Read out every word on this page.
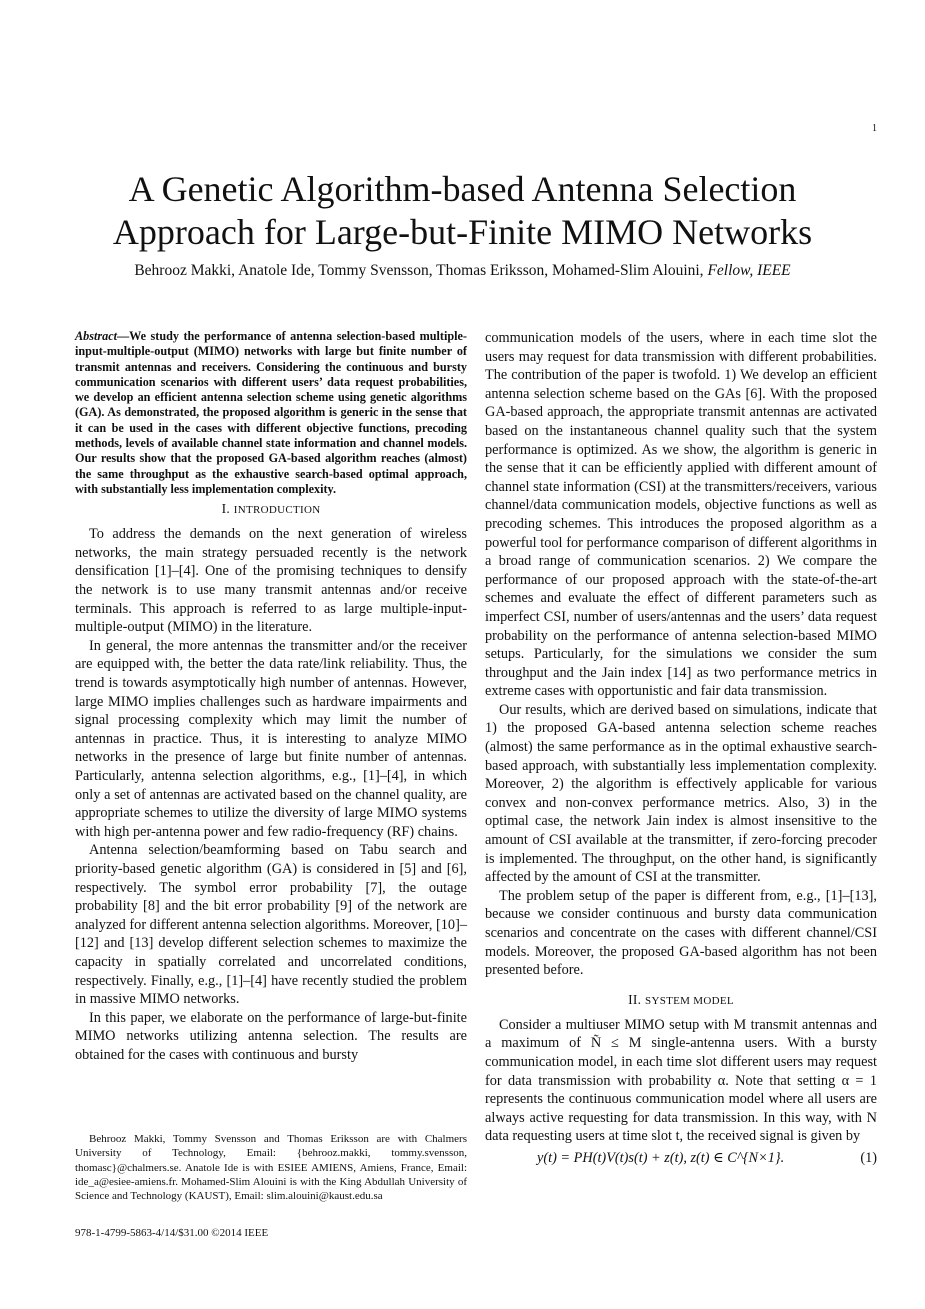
1
A Genetic Algorithm-based Antenna Selection Approach for Large-but-Finite MIMO Networks
Behrooz Makki, Anatole Ide, Tommy Svensson, Thomas Eriksson, Mohamed-Slim Alouini, Fellow, IEEE

Abstract—We study the performance of antenna selection-based multiple-input-multiple-output (MIMO) networks with large but finite number of transmit antennas and receivers. Considering the continuous and bursty communication scenarios with different users’ data request probabilities, we develop an efficient antenna selection scheme using genetic algorithms (GA). As demonstrated, the proposed algorithm is generic in the sense that it can be used in the cases with different objective functions, precoding methods, levels of available channel state information and channel models. Our results show that the proposed GA-based algorithm reaches (almost) the same throughput as the exhaustive search-based optimal approach, with substantially less implementation complexity.

I. INTRODUCTION

To address the demands on the next generation of wireless networks, the main strategy persuaded recently is the network densification [1]–[4]. One of the promising techniques to densify the network is to use many transmit antennas and/or receive terminals. This approach is referred to as large multiple-input-multiple-output (MIMO) in the literature.

In general, the more antennas the transmitter and/or the receiver are equipped with, the better the data rate/link reliability. Thus, the trend is towards asymptotically high number of antennas. However, large MIMO implies challenges such as hardware impairments and signal processing complexity which may limit the number of antennas in practice. Thus, it is interesting to analyze MIMO networks in the presence of large but finite number of antennas. Particularly, antenna selection algorithms, e.g., [1]–[4], in which only a set of antennas are activated based on the channel quality, are appropriate schemes to utilize the diversity of large MIMO systems with high per-antenna power and few radio-frequency (RF) chains.

Antenna selection/beamforming based on Tabu search and priority-based genetic algorithm (GA) is considered in [5] and [6], respectively. The symbol error probability [7], the outage probability [8] and the bit error probability [9] of the network are analyzed for different antenna selection algorithms. Moreover, [10]–[12] and [13] develop different selection schemes to maximize the capacity in spatially correlated and uncorrelated conditions, respectively. Finally, e.g., [1]–[4] have recently studied the problem in massive MIMO networks.

In this paper, we elaborate on the performance of large-but-finite MIMO networks utilizing antenna selection. The results are obtained for the cases with continuous and bursty

Behrooz Makki, Tommy Svensson and Thomas Eriksson are with Chalmers University of Technology, Email: {behrooz.makki, tommy.svensson, thomasc}@chalmers.se. Anatole Ide is with ESIEE AMIENS, Amiens, France, Email: ide_a@esiee-amiens.fr. Mohamed-Slim Alouini is with the King Abdullah University of Science and Technology (KAUST), Email: slim.alouini@kaust.edu.sa
978-1-4799-5863-4/14/$31.00 ©2014 IEEE

communication models of the users, where in each time slot the users may request for data transmission with different probabilities. The contribution of the paper is twofold. 1) We develop an efficient antenna selection scheme based on the GAs [6]. With the proposed GA-based approach, the appropriate transmit antennas are activated based on the instantaneous channel quality such that the system performance is optimized. As we show, the algorithm is generic in the sense that it can be efficiently applied with different amount of channel state information (CSI) at the transmitters/receivers, various channel/data communication models, objective functions as well as precoding schemes. This introduces the proposed algorithm as a powerful tool for performance comparison of different algorithms in a broad range of communication scenarios. 2) We compare the performance of our proposed approach with the state-of-the-art schemes and evaluate the effect of different parameters such as imperfect CSI, number of users/antennas and the users’ data request probability on the performance of antenna selection-based MIMO setups. Particularly, for the simulations we consider the sum throughput and the Jain index [14] as two performance metrics in extreme cases with opportunistic and fair data transmission.

Our results, which are derived based on simulations, indicate that 1) the proposed GA-based antenna selection scheme reaches (almost) the same performance as in the optimal exhaustive search-based approach, with substantially less implementation complexity. Moreover, 2) the algorithm is effectively applicable for various convex and non-convex performance metrics. Also, 3) in the optimal case, the network Jain index is almost insensitive to the amount of CSI available at the transmitter, if zero-forcing precoder is implemented. The throughput, on the other hand, is significantly affected by the amount of CSI at the transmitter.

The problem setup of the paper is different from, e.g., [1]–[13], because we consider continuous and bursty data communication scenarios and concentrate on the cases with different channel/CSI models. Moreover, the proposed GA-based algorithm has not been presented before.

II. SYSTEM MODEL

Consider a multiuser MIMO setup with M transmit antennas and a maximum of Ñ ≤ M single-antenna users. With a bursty communication model, in each time slot different users may request for data transmission with probability α. Note that setting α = 1 represents the continuous communication model where all users are always active requesting for data transmission. In this way, with N data requesting users at time slot t, the received signal is given by

y(t) = PH(t)V(t)s(t) + z(t), z(t) ∈ C^{N×1}.	(1)
